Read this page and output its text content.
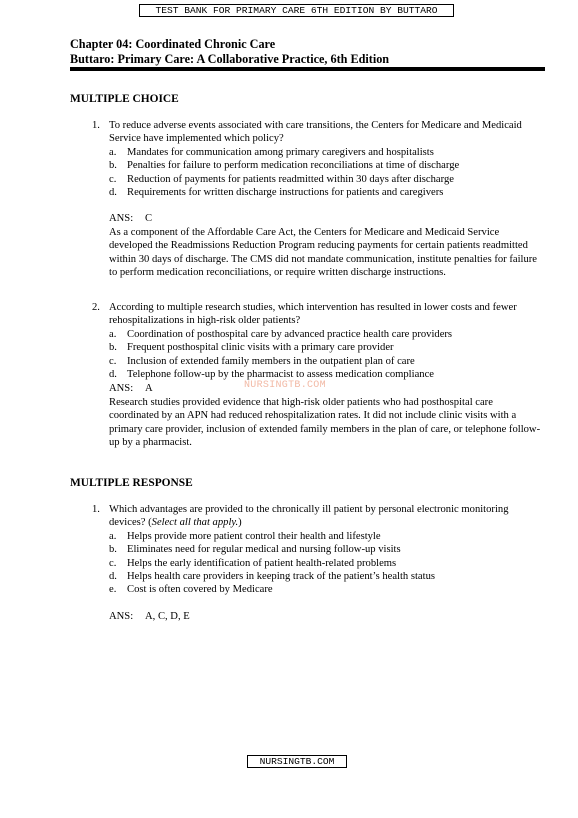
TEST BANK FOR PRIMARY CARE 6TH EDITION BY BUTTARO
Chapter 04: Coordinated Chronic Care
Buttaro: Primary Care: A Collaborative Practice, 6th Edition
MULTIPLE CHOICE
1. To reduce adverse events associated with care transitions, the Centers for Medicare and Medicaid Service have implemented which policy?
a. Mandates for communication among primary caregivers and hospitalists
b. Penalties for failure to perform medication reconciliations at time of discharge
c. Reduction of payments for patients readmitted within 30 days after discharge
d. Requirements for written discharge instructions for patients and caregivers
ANS: C
As a component of the Affordable Care Act, the Centers for Medicare and Medicaid Service developed the Readmissions Reduction Program reducing payments for certain patients readmitted within 30 days of discharge. The CMS did not mandate communication, institute penalties for failure to perform medication reconciliations, or require written discharge instructions.
2. According to multiple research studies, which intervention has resulted in lower costs and fewer rehospitalizations in high-risk older patients?
a. Coordination of posthospital care by advanced practice health care providers
b. Frequent posthospital clinic visits with a primary care provider
c. Inclusion of extended family members in the outpatient plan of care
d. Telephone follow-up by the pharmacist to assess medication compliance
ANS: A
Research studies provided evidence that high-risk older patients who had posthospital care coordinated by an APN had reduced rehospitalization rates. It did not include clinic visits with a primary care provider, inclusion of extended family members in the plan of care, or telephone follow-up by a pharmacist.
NURSINGTB.COM
MULTIPLE RESPONSE
1. Which advantages are provided to the chronically ill patient by personal electronic monitoring devices? (Select all that apply.)
a. Helps provide more patient control their health and lifestyle
b. Eliminates need for regular medical and nursing follow-up visits
c. Helps the early identification of patient health-related problems
d. Helps health care providers in keeping track of the patient’s health status
e. Cost is often covered by Medicare
ANS: A, C, D, E
NURSINGTB.COM
